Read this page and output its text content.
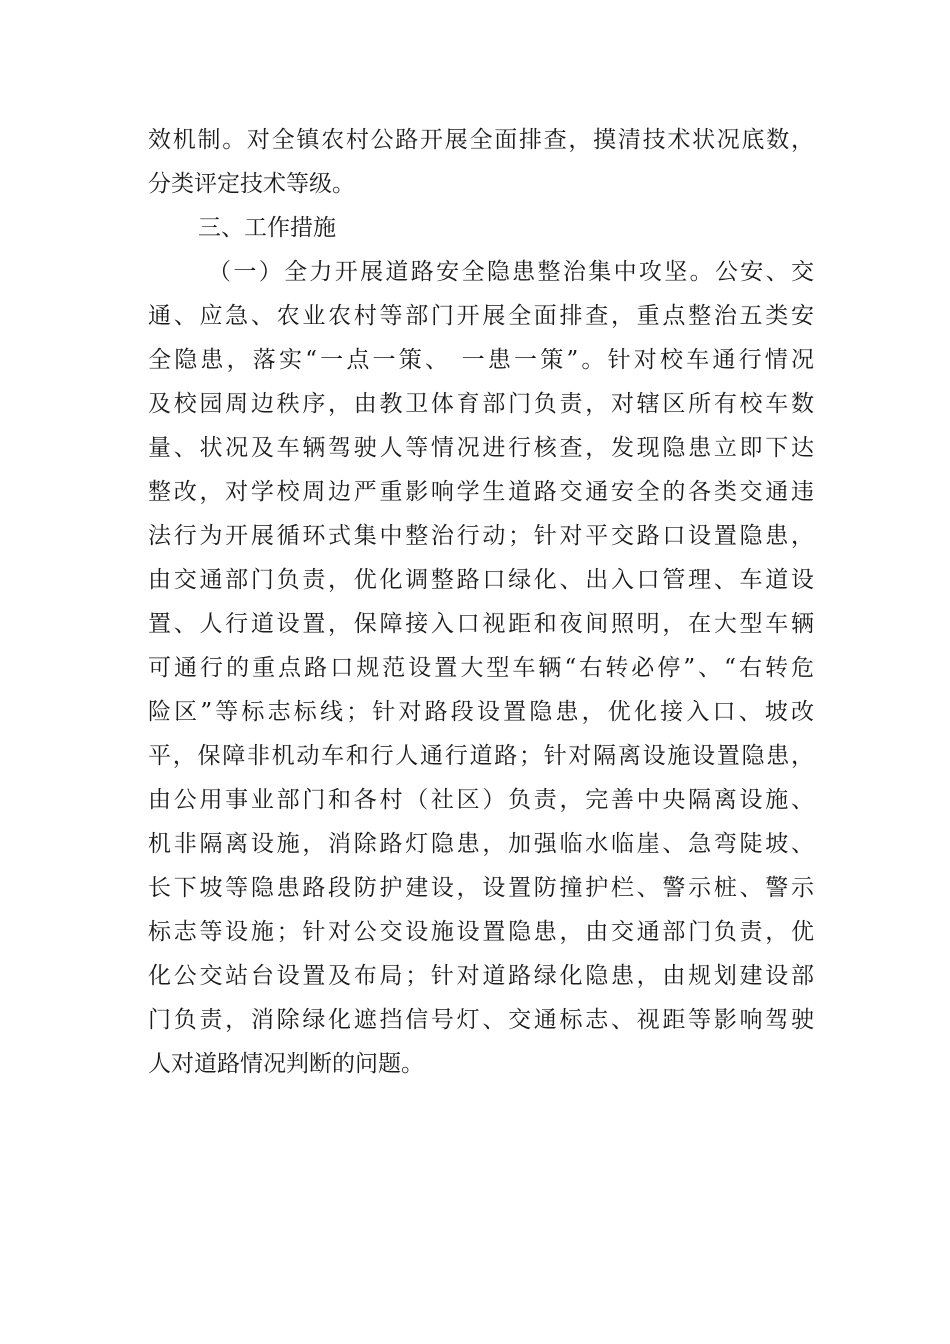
效机制。对全镇农村公路开展全面排查，摸清技术状况底数，
分类评定技术等级。
三、工作措施
（一）全力开展道路安全隐患整治集中攻坚。公安、交
通、应急、农业农村等部门开展全面排查，重点整治五类安
全隐患，落实“一点一策、 一患一策”。针对校车通行情况
及校园周边秩序，由教卫体育部门负责，对辖区所有校车数
量、状况及车辆驾驶人等情况进行核查，发现隐患立即下达
整改，对学校周边严重影响学生道路交通安全的各类交通违
法行为开展循环式集中整治行动；针对平交路口设置隐患，
由交通部门负责，优化调整路口绿化、出入口管理、车道设
置、人行道设置，保障接入口视距和夜间照明，在大型车辆
可通行的重点路口规范设置大型车辆“右转必停”、“右转危
险区”等标志标线；针对路段设置隐患，优化接入口、坡改
平，保障非机动车和行人通行道路；针对隔离设施设置隐患，
由公用事业部门和各村（社区）负责，完善中央隔离设施、
机非隔离设施，消除路灯隐患，加强临水临崖、急弯陡坡、
长下坡等隐患路段防护建设，设置防撞护栏、警示桩、警示
标志等设施；针对公交设施设置隐患，由交通部门负责，优
化公交站台设置及布局；针对道路绿化隐患，由规划建设部
门负责，消除绿化遮挡信号灯、交通标志、视距等影响驾驶
人对道路情况判断的问题。
